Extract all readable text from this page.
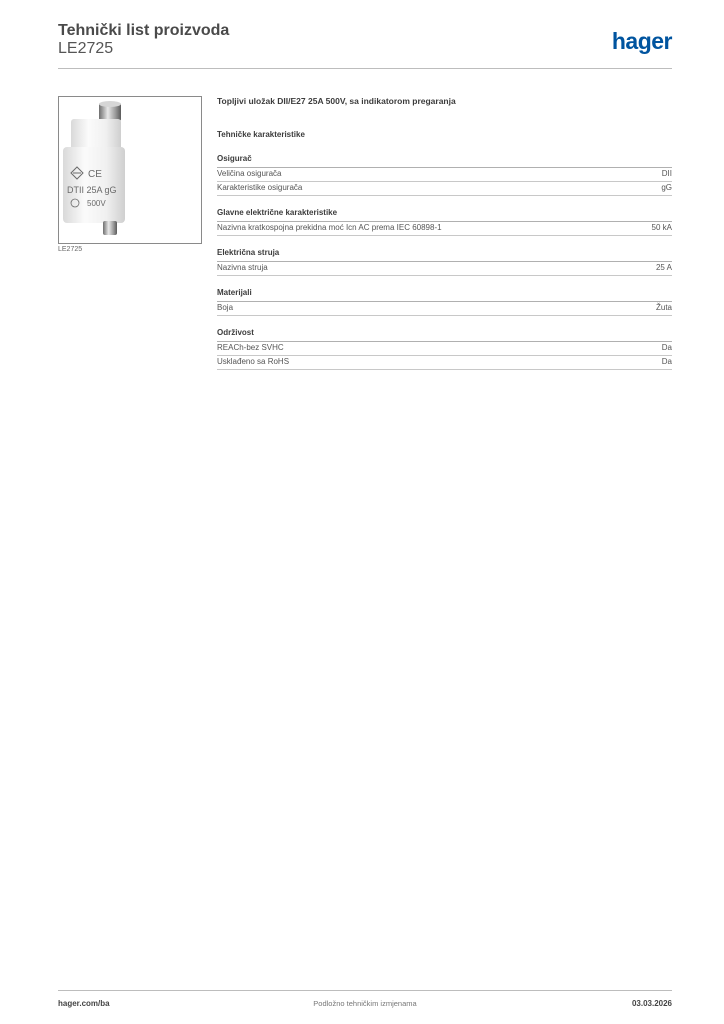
Tehnički list proizvoda
LE2725	hager
CE
DTII 25A gG
500V
LE2725
Topljivi uložak DII/E27 25A 500V, sa indikatorom pregaranja
Tehničke karakteristike
Osigurač
Veličina osigurača	DII
Karakteristike osigurača	gG
Glavne električne karakteristike
Nazivna kratkospojna prekidna moć Icn AC prema IEC 60898-1	50 kA
Električna struja
Nazivna struja	25 A
Materijali
Boja	Žuta
Održivost
REACh-bez SVHC	Da
Usklađeno sa RoHS	Da
hager.com/ba	Podložno tehničkim izmjenama	03.03.2026
